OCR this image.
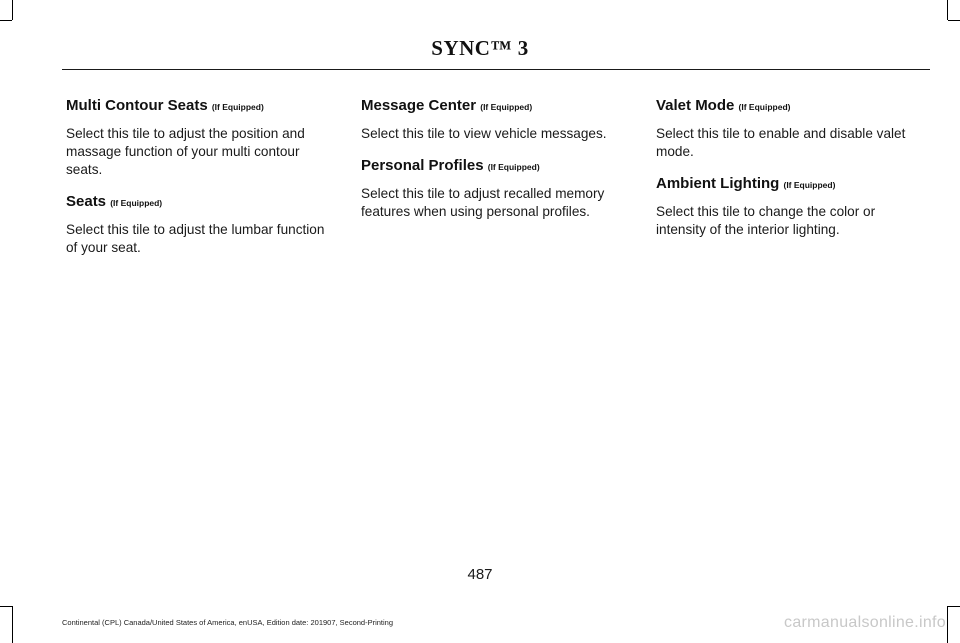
SYNC™ 3

Multi Contour Seats (If Equipped)

Select this tile to adjust the position and massage function of your multi contour seats.

Seats (If Equipped)

Select this tile to adjust the lumbar function of your seat.

Message Center (If Equipped)

Select this tile to view vehicle messages.

Personal Profiles (If Equipped)

Select this tile to adjust recalled memory features when using personal profiles.

Valet Mode (If Equipped)

Select this tile to enable and disable valet mode.

Ambient Lighting (If Equipped)

Select this tile to change the color or intensity of the interior lighting.

487
Continental (CPL) Canada/United States of America, enUSA, Edition date: 201907, Second-Printing	carmanualsonline.info
